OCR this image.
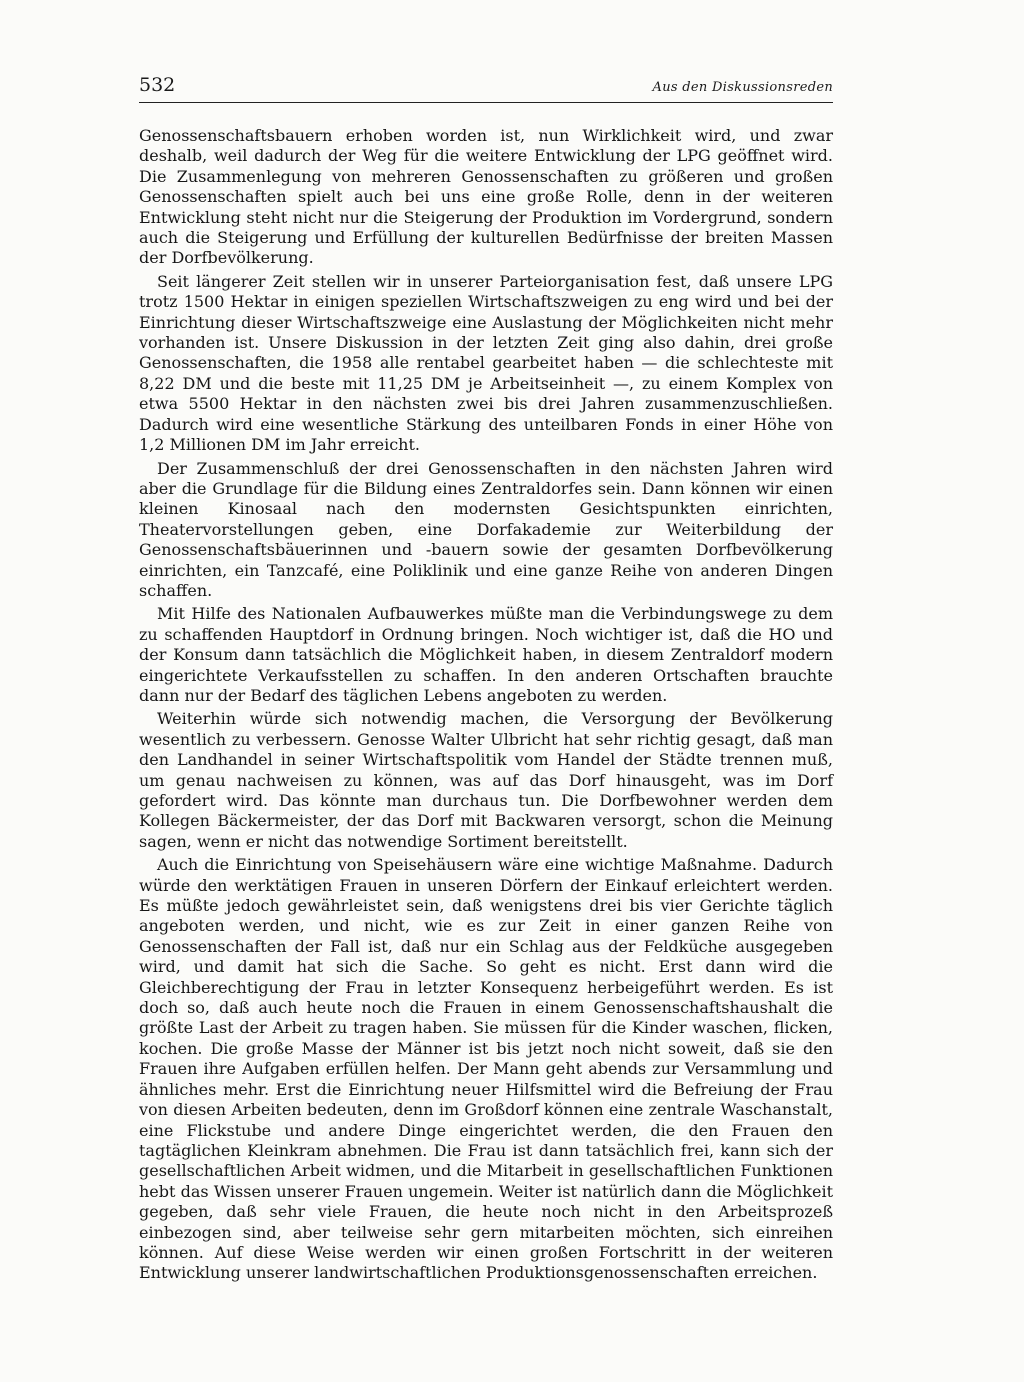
532	Aus den Diskussionsreden

Genossenschaftsbauern erhoben worden ist, nun Wirklichkeit wird, und zwar deshalb, weil dadurch der Weg für die weitere Entwicklung der LPG geöffnet wird. Die Zusammenlegung von mehreren Genossenschaften zu größeren und großen Genossenschaften spielt auch bei uns eine große Rolle, denn in der weiteren Entwicklung steht nicht nur die Steigerung der Produktion im Vordergrund, sondern auch die Steigerung und Erfüllung der kulturellen Bedürfnisse der breiten Massen der Dorfbevölkerung.

Seit längerer Zeit stellen wir in unserer Parteiorganisation fest, daß unsere LPG trotz 1500 Hektar in einigen speziellen Wirtschaftszweigen zu eng wird und bei der Einrichtung dieser Wirtschaftszweige eine Auslastung der Möglichkeiten nicht mehr vorhanden ist. Unsere Diskussion in der letzten Zeit ging also dahin, drei große Genossenschaften, die 1958 alle rentabel gearbeitet haben — die schlechteste mit 8,22 DM und die beste mit 11,25 DM je Arbeitseinheit —, zu einem Komplex von etwa 5500 Hektar in den nächsten zwei bis drei Jahren zusammenzuschließen. Dadurch wird eine wesentliche Stärkung des unteilbaren Fonds in einer Höhe von 1,2 Millionen DM im Jahr erreicht.

Der Zusammenschluß der drei Genossenschaften in den nächsten Jahren wird aber die Grundlage für die Bildung eines Zentraldorfes sein. Dann können wir einen kleinen Kinosaal nach den modernsten Gesichtspunkten einrichten, Theatervorstellungen geben, eine Dorfakademie zur Weiterbildung der Genossenschaftsbäuerinnen und -bauern sowie der gesamten Dorfbevölkerung einrichten, ein Tanzcafé, eine Poliklinik und eine ganze Reihe von anderen Dingen schaffen.

Mit Hilfe des Nationalen Aufbauwerkes müßte man die Verbindungswege zu dem zu schaffenden Hauptdorf in Ordnung bringen. Noch wichtiger ist, daß die HO und der Konsum dann tatsächlich die Möglichkeit haben, in diesem Zentraldorf modern eingerichtete Verkaufsstellen zu schaffen. In den anderen Ortschaften brauchte dann nur der Bedarf des täglichen Lebens angeboten zu werden.

Weiterhin würde sich notwendig machen, die Versorgung der Bevölkerung wesentlich zu verbessern. Genosse Walter Ulbricht hat sehr richtig gesagt, daß man den Landhandel in seiner Wirtschaftspolitik vom Handel der Städte trennen muß, um genau nachweisen zu können, was auf das Dorf hinausgeht, was im Dorf gefordert wird. Das könnte man durchaus tun. Die Dorfbewohner werden dem Kollegen Bäckermeister, der das Dorf mit Backwaren versorgt, schon die Meinung sagen, wenn er nicht das notwendige Sortiment bereitstellt.

Auch die Einrichtung von Speisehäusern wäre eine wichtige Maßnahme. Dadurch würde den werktätigen Frauen in unseren Dörfern der Einkauf erleichtert werden. Es müßte jedoch gewährleistet sein, daß wenigstens drei bis vier Gerichte täglich angeboten werden, und nicht, wie es zur Zeit in einer ganzen Reihe von Genossenschaften der Fall ist, daß nur ein Schlag aus der Feldküche ausgegeben wird, und damit hat sich die Sache. So geht es nicht. Erst dann wird die Gleichberechtigung der Frau in letzter Konsequenz herbeigeführt werden. Es ist doch so, daß auch heute noch die Frauen in einem Genossenschaftshaushalt die größte Last der Arbeit zu tragen haben. Sie müssen für die Kinder waschen, flicken, kochen. Die große Masse der Männer ist bis jetzt noch nicht soweit, daß sie den Frauen ihre Aufgaben erfüllen helfen. Der Mann geht abends zur Versammlung und ähnliches mehr. Erst die Einrichtung neuer Hilfsmittel wird die Befreiung der Frau von diesen Arbeiten bedeuten, denn im Großdorf können eine zentrale Waschanstalt, eine Flickstube und andere Dinge eingerichtet werden, die den Frauen den tagtäglichen Kleinkram abnehmen. Die Frau ist dann tatsächlich frei, kann sich der gesellschaftlichen Arbeit widmen, und die Mitarbeit in gesellschaftlichen Funktionen hebt das Wissen unserer Frauen ungemein. Weiter ist natürlich dann die Möglichkeit gegeben, daß sehr viele Frauen, die heute noch nicht in den Arbeitsprozeß einbezogen sind, aber teilweise sehr gern mitarbeiten möchten, sich einreihen können. Auf diese Weise werden wir einen großen Fortschritt in der weiteren Entwicklung unserer landwirtschaftlichen Produktionsgenossenschaften erreichen.
